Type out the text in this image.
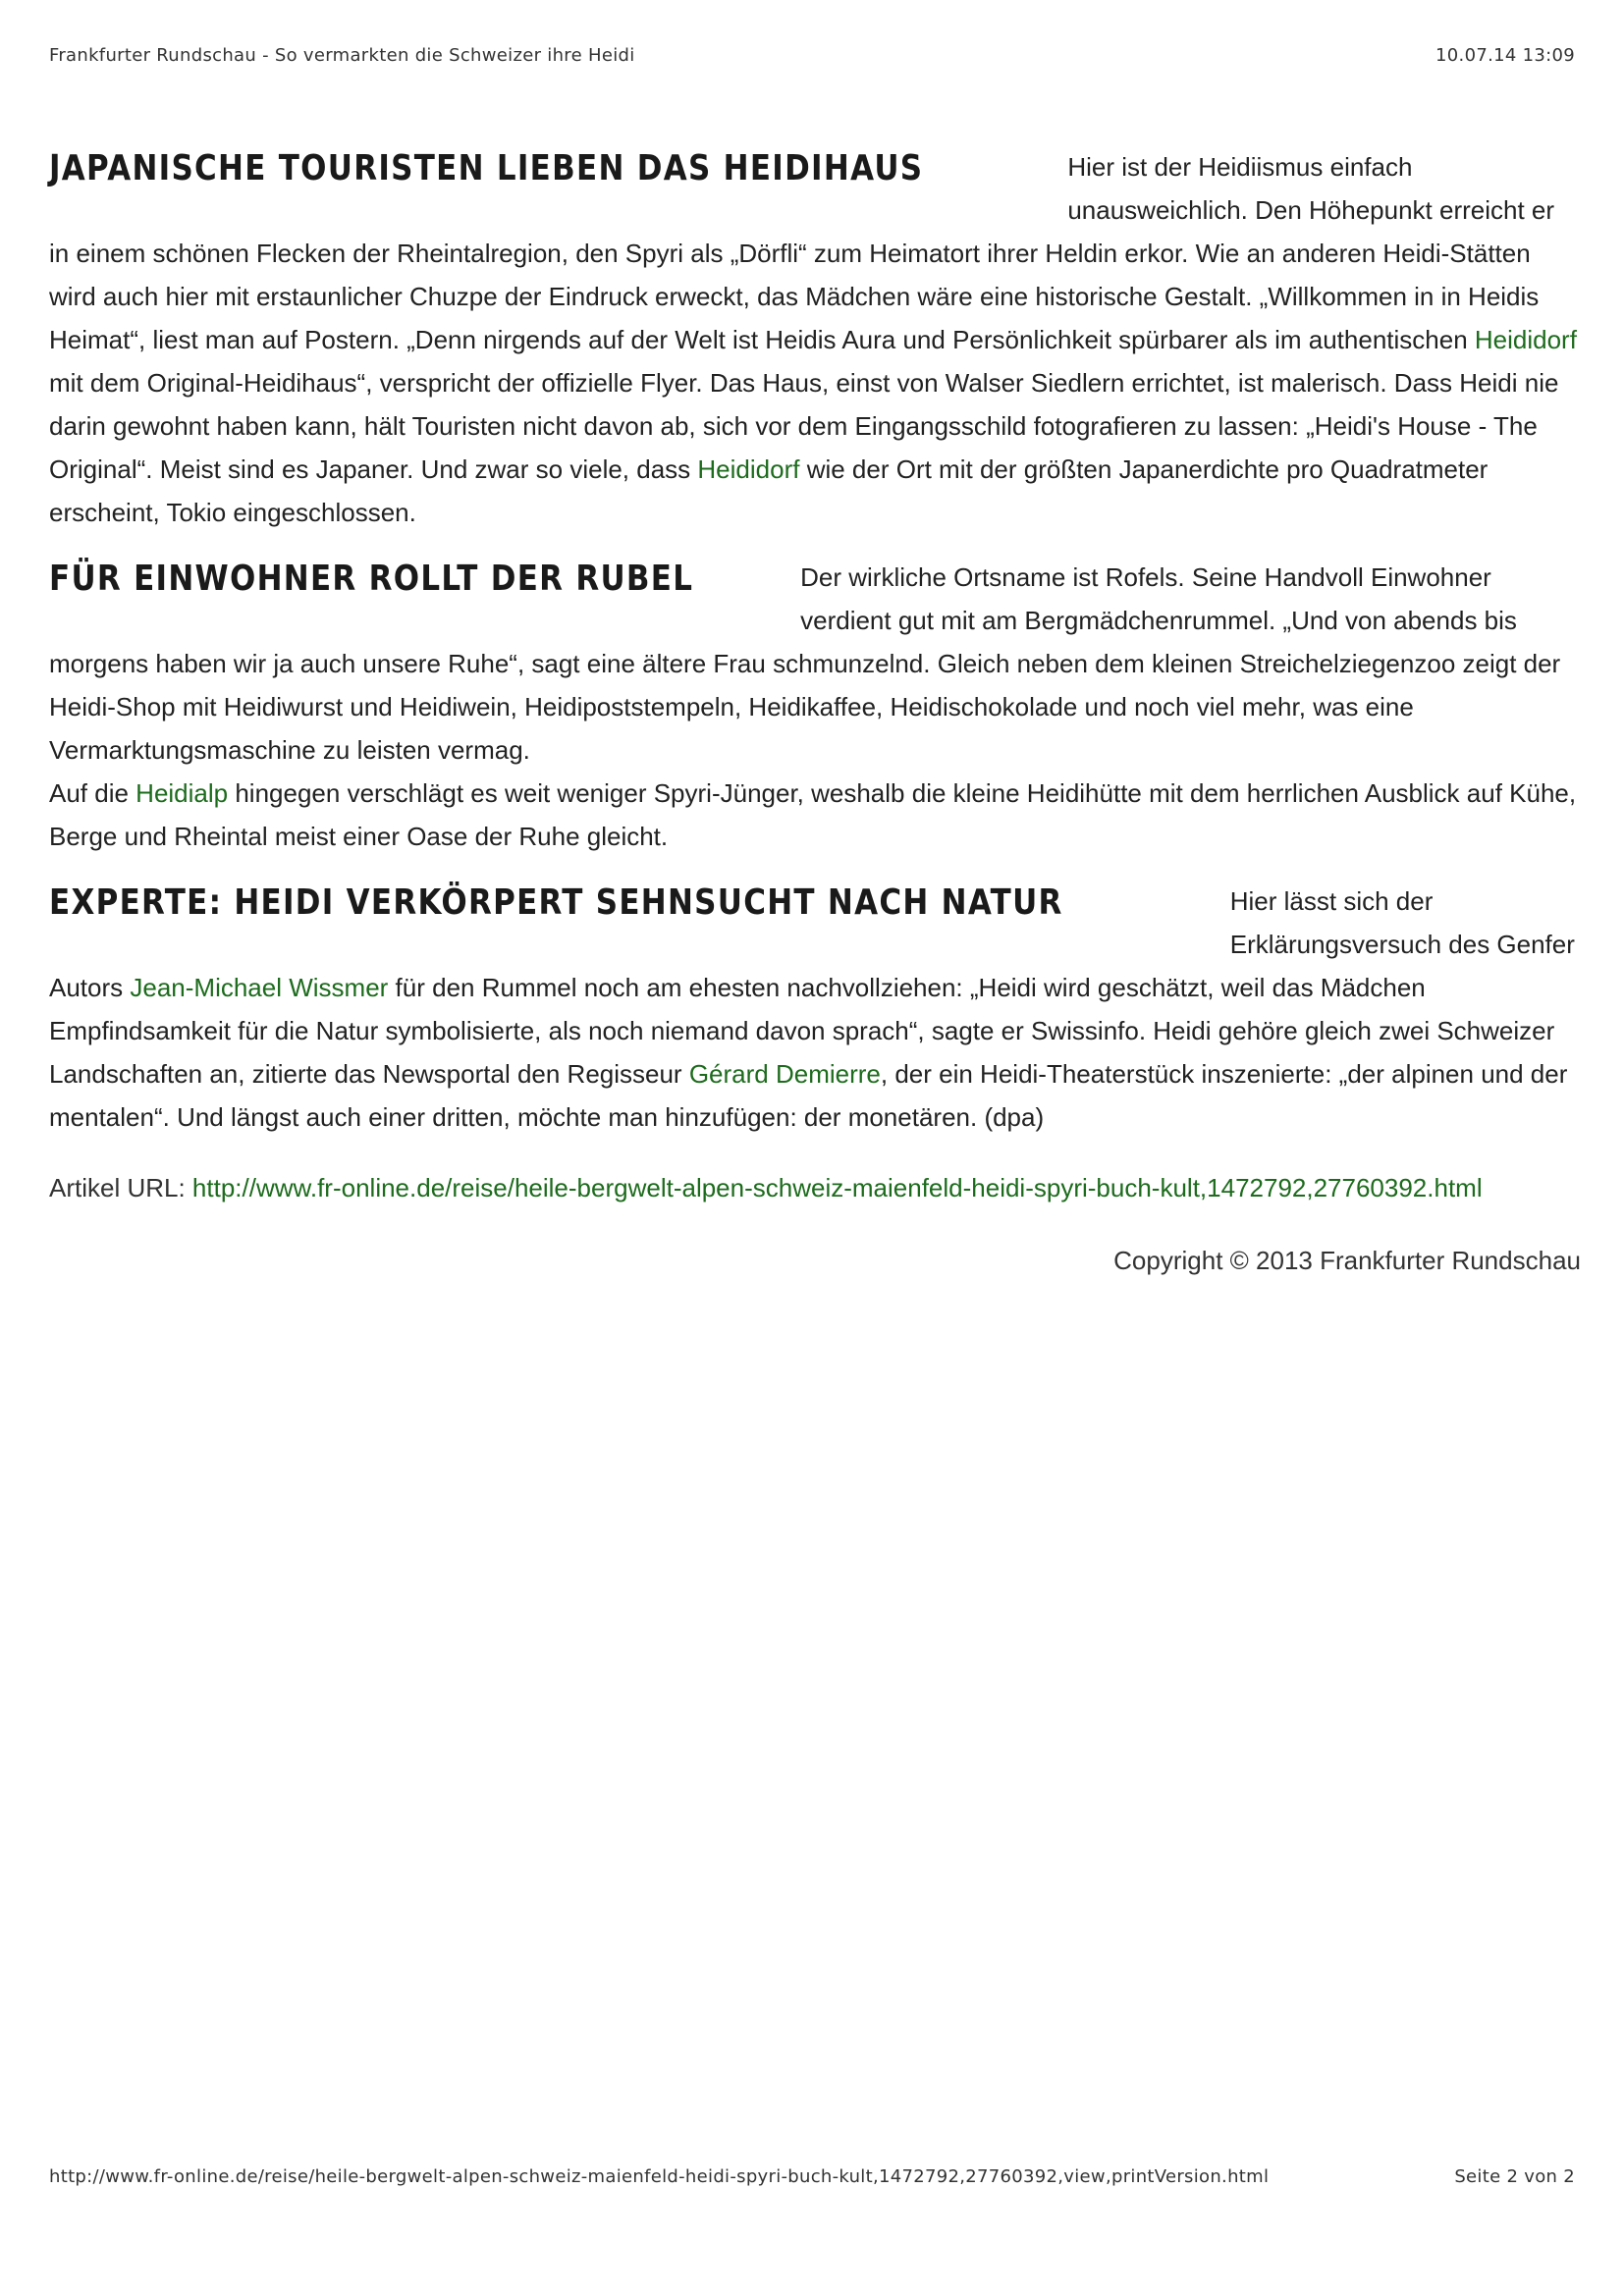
Frankfurter Rundschau - So vermarkten die Schweizer ihre Heidi	10.07.14 13:09
JAPANISCHE TOURISTEN LIEBEN DAS HEIDIHAUS	Hier ist der Heidiismus einfach unausweichlich. Den Höhepunkt erreicht er in einem schönen Flecken der Rheintalregion, den Spyri als „Dörfli“ zum Heimatort ihrer Heldin erkor. Wie an anderen Heidi-Stätten wird auch hier mit erstaunlicher Chuzpe der Eindruck erweckt, das Mädchen wäre eine historische Gestalt. „Willkommen in in Heidis Heimat“, liest man auf Postern. „Denn nirgends auf der Welt ist Heidis Aura und Persönlichkeit spürbarer als im authentischen Heididorf mit dem Original-Heidihaus“, verspricht der offizielle Flyer. Das Haus, einst von Walser Siedlern errichtet, ist malerisch. Dass Heidi nie darin gewohnt haben kann, hält Touristen nicht davon ab, sich vor dem Eingangsschild fotografieren zu lassen: „Heidi's House - The Original“. Meist sind es Japaner. Und zwar so viele, dass Heididorf wie der Ort mit der größten Japanerdichte pro Quadratmeter erscheint, Tokio eingeschlossen.

FÜR EINWOHNER ROLLT DER RUBEL	Der wirkliche Ortsname ist Rofels. Seine Handvoll Einwohner verdient gut mit am Bergmädchenrummel. „Und von abends bis morgens haben wir ja auch unsere Ruhe“, sagt eine ältere Frau schmunzelnd. Gleich neben dem kleinen Streichelziegenzoo zeigt der Heidi-Shop mit Heidiwurst und Heidiwein, Heidipoststempeln, Heidikaffee, Heidischokolade und noch viel mehr, was eine Vermarktungsmaschine zu leisten vermag.

Auf die Heidialp hingegen verschlägt es weit weniger Spyri-Jünger, weshalb die kleine Heidihütte mit dem herrlichen Ausblick auf Kühe, Berge und Rheintal meist einer Oase der Ruhe gleicht.

EXPERTE: HEIDI VERKÖRPERT SEHNSUCHT NACH NATUR	Hier lässt sich der Erklärungsversuch des Genfer Autors Jean-Michael Wissmer für den Rummel noch am ehesten nachvollziehen: „Heidi wird geschätzt, weil das Mädchen Empfindsamkeit für die Natur symbolisierte, als noch niemand davon sprach“, sagte er Swissinfo. Heidi gehöre gleich zwei Schweizer Landschaften an, zitierte das Newsportal den Regisseur Gérard Demierre, der ein Heidi-Theaterstück inszenierte: „der alpinen und der mentalen“. Und längst auch einer dritten, möchte man hinzufügen: der monetären. (dpa)

Artikel URL: http://www.fr-online.de/reise/heile-bergwelt-alpen-schweiz-maienfeld-heidi-spyri-buch-kult,1472792,27760392.html
Copyright © 2013 Frankfurter Rundschau
http://www.fr-online.de/reise/heile-bergwelt-alpen-schweiz-maienfeld-heidi-spyri-buch-kult,1472792,27760392,view,printVersion.html	Seite 2 von 2
